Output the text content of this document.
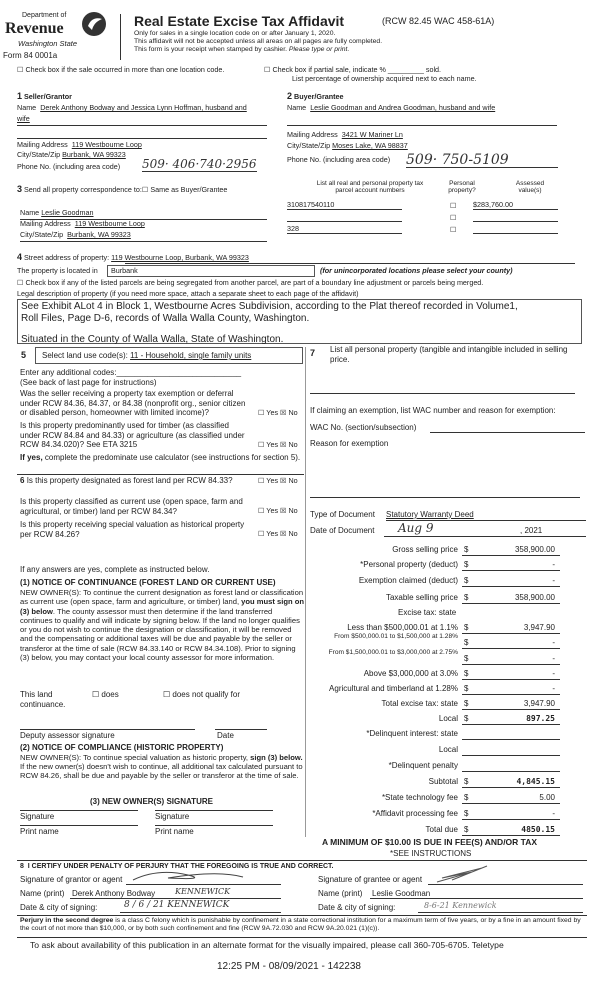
Department of
Revenue
Washington State
Form 84 0001a
Real Estate Excise Tax Affidavit	(RCW 82.45 WAC 458-61A)
Only for sales in a single location code on or after January 1, 2020.
This affidavit will not be accepted unless all areas on all pages are fully completed.
This form is your receipt when stamped by cashier. Please type or print.
☐ Check box if the sale occurred in more than one location code.	☐ Check box if partial sale, indicate % _________ sold.
List percentage of ownership acquired next to each name.
1 Seller/Grantor
Name Derek Anthony Bodway and Jessica Lynn Hoffman, husband and
wife
Mailing Address 119 Westbourne Loop
City/State/Zip Burbank, WA 99323
Phone No. (including area code) 509· 406·740·2956
2 Buyer/Grantee
Name Leslie Goodman and Andrea Goodman, husband and wife
Mailing Address 3421 W Mariner Ln
City/State/Zip Moses Lake, WA 98837
Phone No. (including area code) 509· 750-5109
3 Send all property correspondence to:☐ Same as Buyer/Grantee
Name Leslie Goodman
Mailing Address 119 Westbourne Loop
City/State/Zip Burbank, WA 99323
List all real and personal property tax
parcel account numbers
Personal
property?
Assessed
value(s)
310817540110	☐ $283,760.00
☐
328	☐
4 Street address of property: 119 Westbourne Loop, Burbank, WA 99323
The property is located in	Burbank	(for unincorporated locations please select your county)
☐ Check box if any of the listed parcels are being segregated from another parcel, are part of a boundary line adjustment or parcels being merged.
Legal description of property (if you need more space, attach a separate sheet to each page of the affidavit)
See Exhibit ALot 4 in Block 1, Westbourne Acres Subdivision, according to the Plat thereof recorded in Volume1,
Roll Files, Page D-6, records of Walla Walla County, Washington.
Situated in the County of Walla Walla, State of Washington.
5	Select land use code(s): 11 - Household, single family units
Enter any additional codes:____________________________
(See back of last page for instructions)
Was the seller receiving a property tax exemption or deferral under RCW 84.36, 84.37, or 84.38 (nonprofit org., senior citizen or disabled person, homeowner with limited income)?	☐ Yes ☒ No
Is this property predominantly used for timber (as classified under RCW 84.84 and 84.33) or agriculture (as classified under RCW 84.34.020)? See ETA 3215	☐ Yes ☒ No
If yes, complete the predominate use calculator (see instructions for section 5).
6 Is this property designated as forest land per RCW 84.33?	☐ Yes ☒ No
Is this property classified as current use (open space, farm and agricultural, or timber) land per RCW 84.34?	☐ Yes ☒ No
Is this property receiving special valuation as historical property per RCW 84.26?	☐ Yes ☒ No
If any answers are yes, complete as instructed below.
(1) NOTICE OF CONTINUANCE (FOREST LAND OR CURRENT USE)
NEW OWNER(S): To continue the current designation as forest land or classification as current use (open space, farm and agriculture, or timber) land, you must sign on (3) below. The county assessor must then determine if the land transferred continues to qualify and will indicate by signing below. If the land no longer qualifies or you do not wish to continue the designation or classification, it will be removed and the compensating or additional taxes will be due and payable by the seller or transferor at the time of sale (RCW 84.33.140 or RCW 84.34.108). Prior to signing (3) below, you may contact your local county assessor for more information.
This land	☐ does	☐ does not qualify for
continuance.
Deputy assessor signature	Date
(2) NOTICE OF COMPLIANCE (HISTORIC PROPERTY)
NEW OWNER(S): To continue special valuation as historic property, sign (3) below. If the new owner(s) doesn't wish to continue, all additional tax calculated pursuant to RCW 84.26, shall be due and payable by the seller or transferor at the time of sale.
(3) NEW OWNER(S) SIGNATURE
Signature	Signature
Print name	Print name
7 List all personal property (tangible and intangible included in selling price.
If claiming an exemption, list WAC number and reason for exemption:
WAC No. (section/subsection)
Reason for exemption
Type of Document Statutory Warranty Deed
Date of Document Aug 9	, 2021
Gross selling price $	358,900.00
*Personal property (deduct) $	-
Exemption claimed (deduct) $	-
Taxable selling price $	358,900.00
Less than $500,000.01 at 1.1% $	3,947.90
From $500,000.01 to $1,500,000 at 1.28%
$	-
From $1,500,000.01 to $3,000,000 at 2.75%
$	-
Above $3,000,000 at 3.0% $	-
Agricultural and timberland at 1.28% $	-
Total excise tax: state $	3,947.90
Local $	897.25
*Delinquent interest: state
Local
*Delinquent penalty
Subtotal $	4,845.15
*State technology fee $	5.00
*Affidavit processing fee $	-
Total due $	4850.15
Excise tax: state
A MINIMUM OF $10.00 IS DUE IN FEE(S) AND/OR TAX
*SEE INSTRUCTIONS
8 I CERTIFY UNDER PENALTY OF PERJURY THAT THE FOREGOING IS TRUE AND CORRECT.
Signature of grantor or agent
Name (print) Derek Anthony Bodway KENNEWICK
Date & city of signing:	8 / 6 / 21 KENNEWICK
Signature of grantee or agent
Name (print) Leslie Goodman
Date & city of signing:	8-6-21 Kennewick
Perjury in the second degree is a class C felony which is punishable by confinement in a state correctional institution for a maximum term of five years, or by a fine in an amount fixed by the court of not more than $10,000, or by both such confinement and fine (RCW 9A.72.030 and RCW 9A.20.021 (1)(c)).
To ask about availability of this publication in an alternate format for the visually impaired, please call 360-705-6705. Teletype
12:25 PM - 08/09/2021 - 142238
